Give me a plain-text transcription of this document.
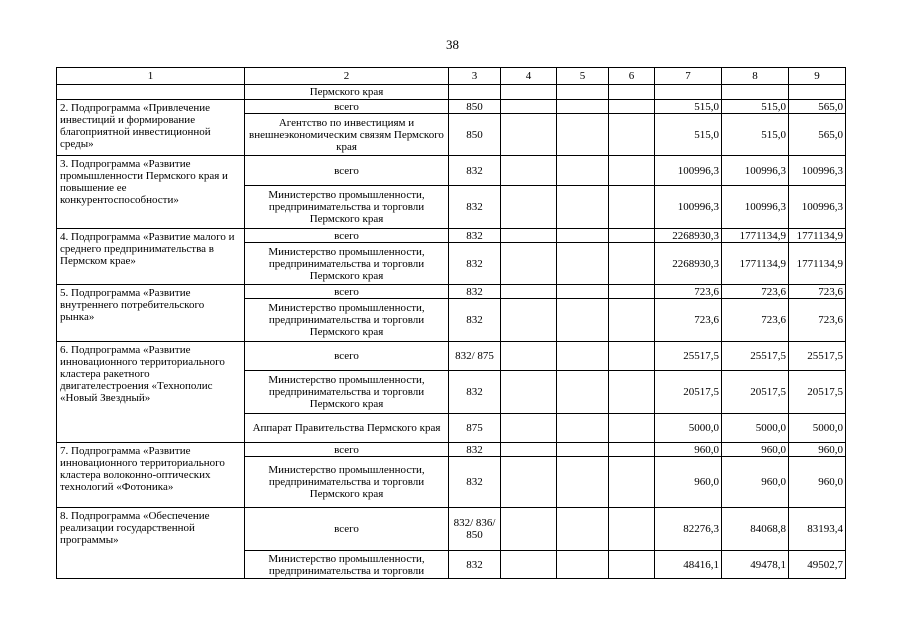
38
1	2	3	4	5	6	7	8	9
	Пермского края							
2. Подпрограмма «Привлечение инвестиций и формирование благоприятной инвестиционной среды»	всего	850				515,0	515,0	565,0
	Агентство по инвестициям и внешнеэкономическим связям Пермского края	850				515,0	515,0	565,0
3. Подпрограмма «Развитие промышленности Пермского края и повышение ее конкурентоспособности»	всего	832				100996,3	100996,3	100996,3
	Министерство промышленности, предпринимательства и торговли Пермского края	832				100996,3	100996,3	100996,3
4. Подпрограмма «Развитие малого и среднего предпринимательства в Пермском крае»	всего	832				2268930,3	1771134,9	1771134,9
	Министерство промышленности, предпринимательства и торговли Пермского края	832				2268930,3	1771134,9	1771134,9
5. Подпрограмма «Развитие внутреннего потребительского рынка»	всего	832				723,6	723,6	723,6
	Министерство промышленности, предпринимательства и торговли Пермского края	832				723,6	723,6	723,6
6. Подпрограмма «Развитие инновационного территориального кластера ракетного двигателестроения «Технополис «Новый Звездный»	всего	832/ 875				25517,5	25517,5	25517,5
	Министерство промышленности, предпринимательства и торговли Пермского края	832				20517,5	20517,5	20517,5
	Аппарат Правительства Пермского края	875				5000,0	5000,0	5000,0
7. Подпрограмма «Развитие инновационного территориального кластера волоконно-оптических технологий «Фотоника»	всего	832				960,0	960,0	960,0
	Министерство промышленности, предпринимательства и торговли Пермского края	832				960,0	960,0	960,0
8. Подпрограмма «Обеспечение реализации государственной программы»	всего	832/ 836/ 850				82276,3	84068,8	83193,4
	Министерство промышленности, предпринимательства и торговли	832				48416,1	49478,1	49502,7
